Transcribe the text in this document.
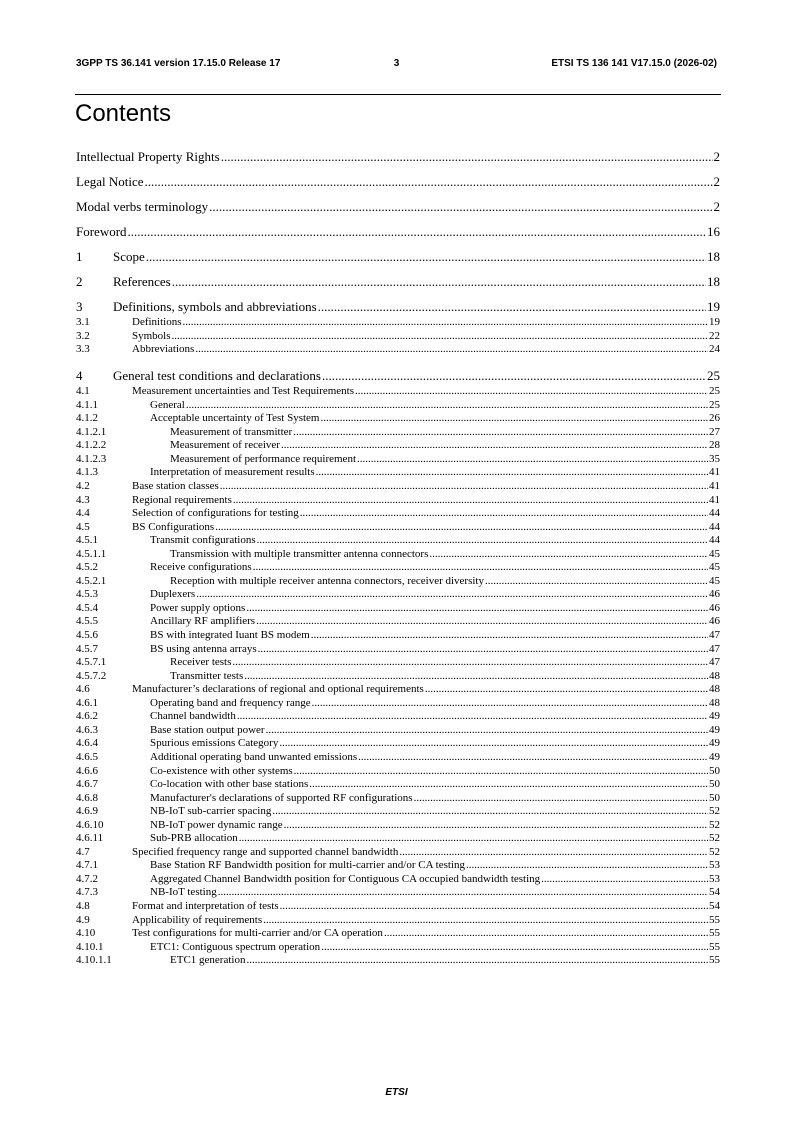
3GPP TS 36.141 version 17.15.0 Release 17	3	ETSI TS 136 141 V17.15.0 (2026-02)
Contents
Intellectual Property Rights .....	2
Legal Notice .....	2
Modal verbs terminology .....	2
Foreword .....	16
1	Scope .....	18
2	References .....	18
3	Definitions, symbols and abbreviations .....	19
3.1	Definitions .....	19
3.2	Symbols .....	22
3.3	Abbreviations .....	24
4	General test conditions and declarations .....	25
4.1	Measurement uncertainties and Test Requirements .....	25
4.1.1	General .....	25
4.1.2	Acceptable uncertainty of Test System .....	26
4.1.2.1	Measurement of transmitter .....	27
4.1.2.2	Measurement of receiver .....	28
4.1.2.3	Measurement of performance requirement .....	35
4.1.3	Interpretation of measurement results .....	41
4.2	Base station classes .....	41
4.3	Regional requirements .....	41
4.4	Selection of configurations for testing .....	44
4.5	BS Configurations .....	44
4.5.1	Transmit configurations .....	44
4.5.1.1	Transmission with multiple transmitter antenna connectors .....	45
4.5.2	Receive configurations .....	45
4.5.2.1	Reception with multiple receiver antenna connectors, receiver diversity .....	45
4.5.3	Duplexers .....	46
4.5.4	Power supply options .....	46
4.5.5	Ancillary RF amplifiers .....	46
4.5.6	BS with integrated Iuant BS modem .....	47
4.5.7	BS using antenna arrays .....	47
4.5.7.1	Receiver tests .....	47
4.5.7.2	Transmitter tests .....	48
4.6	Manufacturer’s declarations of regional and optional requirements .....	48
4.6.1	Operating band and frequency range .....	48
4.6.2	Channel bandwidth .....	49
4.6.3	Base station output power .....	49
4.6.4	Spurious emissions Category .....	49
4.6.5	Additional operating band unwanted emissions .....	49
4.6.6	Co-existence with other systems .....	50
4.6.7	Co-location with other base stations .....	50
4.6.8	Manufacturer's declarations of supported RF configurations .....	50
4.6.9	NB-IoT sub-carrier spacing .....	52
4.6.10	NB-IoT power dynamic range .....	52
4.6.11	Sub-PRB allocation .....	52
4.7	Specified frequency range and supported channel bandwidth .....	52
4.7.1	Base Station RF Bandwidth position for multi-carrier and/or CA testing .....	53
4.7.2	Aggregated Channel Bandwidth position for Contiguous CA occupied bandwidth testing .....	53
4.7.3	NB-IoT testing .....	54
4.8	Format and interpretation of tests .....	54
4.9	Applicability of requirements .....	55
4.10	Test configurations for multi-carrier and/or CA operation .....	55
4.10.1	ETC1: Contiguous spectrum operation .....	55
4.10.1.1	ETC1 generation .....	55
ETSI
